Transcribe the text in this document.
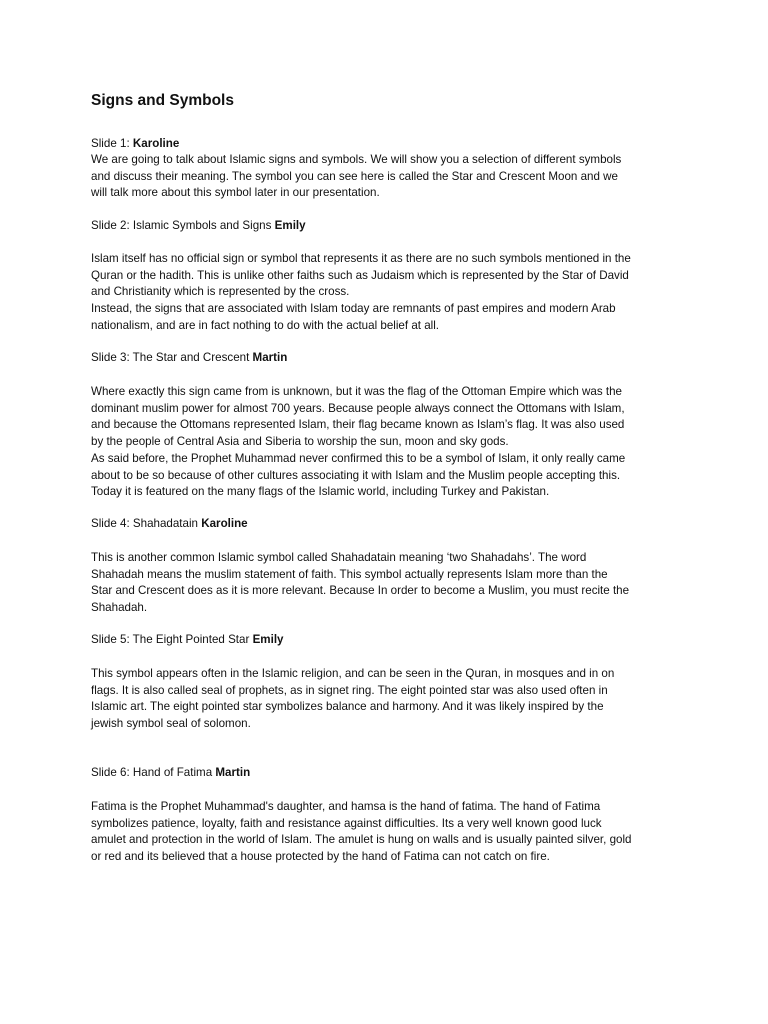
Signs and Symbols

Slide 1: Karoline

We are going to talk about Islamic signs and symbols. We will show you a selection of different symbols
and discuss their meaning. The symbol you can see here is called the Star and Crescent Moon and we
will talk more about this symbol later in our presentation.

Slide 2: Islamic Symbols and Signs Emily

Islam itself has no official sign or symbol that represents it as there are no such symbols mentioned in the
Quran or the hadith. This is unlike other faiths such as Judaism which is represented by the Star of David
and Christianity which is represented by the cross.
Instead, the signs that are associated with Islam today are remnants of past empires and modern Arab
nationalism, and are in fact nothing to do with the actual belief at all.

Slide 3: The Star and Crescent Martin

Where exactly this sign came from is unknown, but it was the flag of the Ottoman Empire which was the
dominant muslim power for almost 700 years. Because people always connect the Ottomans with Islam,
and because the Ottomans represented Islam, their flag became known as Islam’s flag. It was also used
by the people of Central Asia and Siberia to worship the sun, moon and sky gods.
As said before, the Prophet Muhammad never confirmed this to be a symbol of Islam, it only really came
about to be so because of other cultures associating it with Islam and the Muslim people accepting this.
Today it is featured on the many flags of the Islamic world, including Turkey and Pakistan.

Slide 4: Shahadatain Karoline

This is another common Islamic symbol called Shahadatain meaning ‘two Shahadahs’. The word
Shahadah means the muslim statement of faith. This symbol actually represents Islam more than the
Star and Crescent does as it is more relevant. Because In order to become a Muslim, you must recite the
Shahadah.

Slide 5: The Eight Pointed Star Emily

This symbol appears often in the Islamic religion, and can be seen in the Quran, in mosques and in on
flags. It is also called seal of prophets, as in signet ring. The eight pointed star was also used often in
Islamic art. The eight pointed star symbolizes balance and harmony. And it was likely inspired by the
jewish symbol seal of solomon.

Slide 6: Hand of Fatima Martin

Fatima is the Prophet Muhammad's daughter, and hamsa is the hand of fatima. The hand of Fatima
symbolizes patience, loyalty, faith and resistance against difficulties. Its a very well known good luck
amulet and protection in the world of Islam. The amulet is hung on walls and is usually painted silver, gold
or red and its believed that a house protected by the hand of Fatima can not catch on fire.
